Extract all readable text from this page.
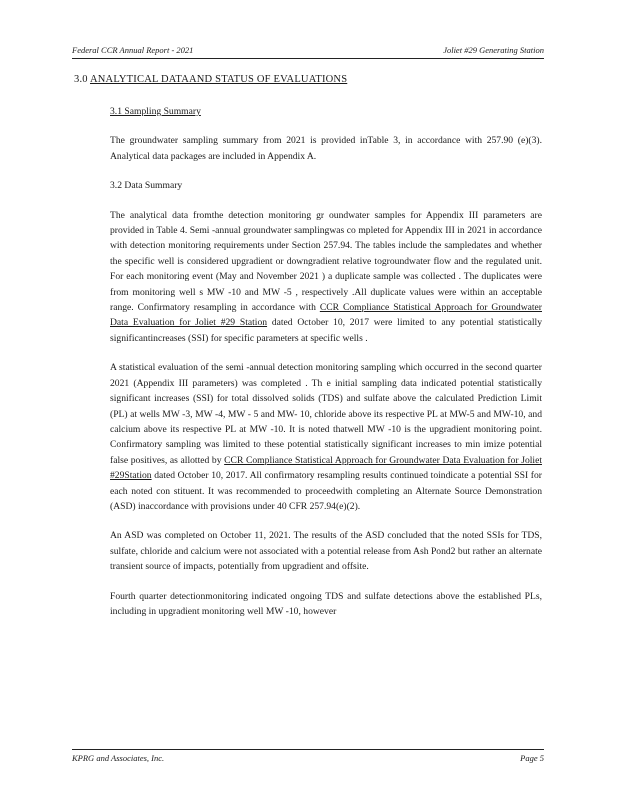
Federal CCR Annual Report - 2021	Joliet #29 Generating Station
3.0 ANALYTICAL DATAAND STATUS OF EVALUATIONS
3.1 Sampling Summary

The groundwater sampling summary from 2021 is provided inTable 3, in accordance with 257.90 (e)(3). Analytical data packages are included in Appendix A.

3.2 Data Summary

The analytical data fromthe detection monitoring gr oundwater samples for Appendix III parameters are provided in Table 4. Semi -annual groundwater samplingwas co mpleted for Appendix III in 2021 in accordance with detection monitoring requirements under Section 257.94. The tables include the sampledates and whether the specific well is considered upgradient or downgradient relative togroundwater flow and the regulated unit. For each monitoring event (May and November 2021 ) a duplicate sample was collected . The duplicates were from monitoring well s MW -10 and MW -5 , respectively .All duplicate values were within an acceptable range. Confirmatory resampling in accordance with CCR Compliance Statistical Approach for Groundwater Data Evaluation for Joliet #29 Station dated October 10, 2017 were limited to any potential statistically significantincreases (SSI) for specific parameters at specific wells .

A statistical evaluation of the semi -annual detection monitoring sampling which occurred in the second quarter 2021 (Appendix III parameters) was completed . Th e initial sampling data indicated potential statistically significant increases (SSI) for total dissolved solids (TDS) and sulfate above the calculated Prediction Limit (PL) at wells MW -3, MW -4, MW - 5 and MW- 10, chloride above its respective PL at MW-5 and MW-10, and calcium above its respective PL at MW -10. It is noted thatwell MW -10 is the upgradient monitoring point. Confirmatory sampling was limited to these potential statistically significant increases to min imize potential false positives, as allotted by CCR Compliance Statistical Approach for Groundwater Data Evaluation for Joliet #29Station dated October 10, 2017. All confirmatory resampling results continued toindicate a potential SSI for each noted con stituent. It was recommended to proceedwith completing an Alternate Source Demonstration (ASD) inaccordance with provisions under 40 CFR 257.94(e)(2).

An ASD was completed on October 11, 2021. The results of the ASD concluded that the noted SSIs for TDS, sulfate, chloride and calcium were not associated with a potential release from Ash Pond2 but rather an alternate transient source of impacts, potentially from upgradient and offsite.

Fourth quarter detectionmonitoring indicated ongoing TDS and sulfate detections above the established PLs, including in upgradient monitoring well MW -10, however

KPRG and Associates, Inc.	Page 5
